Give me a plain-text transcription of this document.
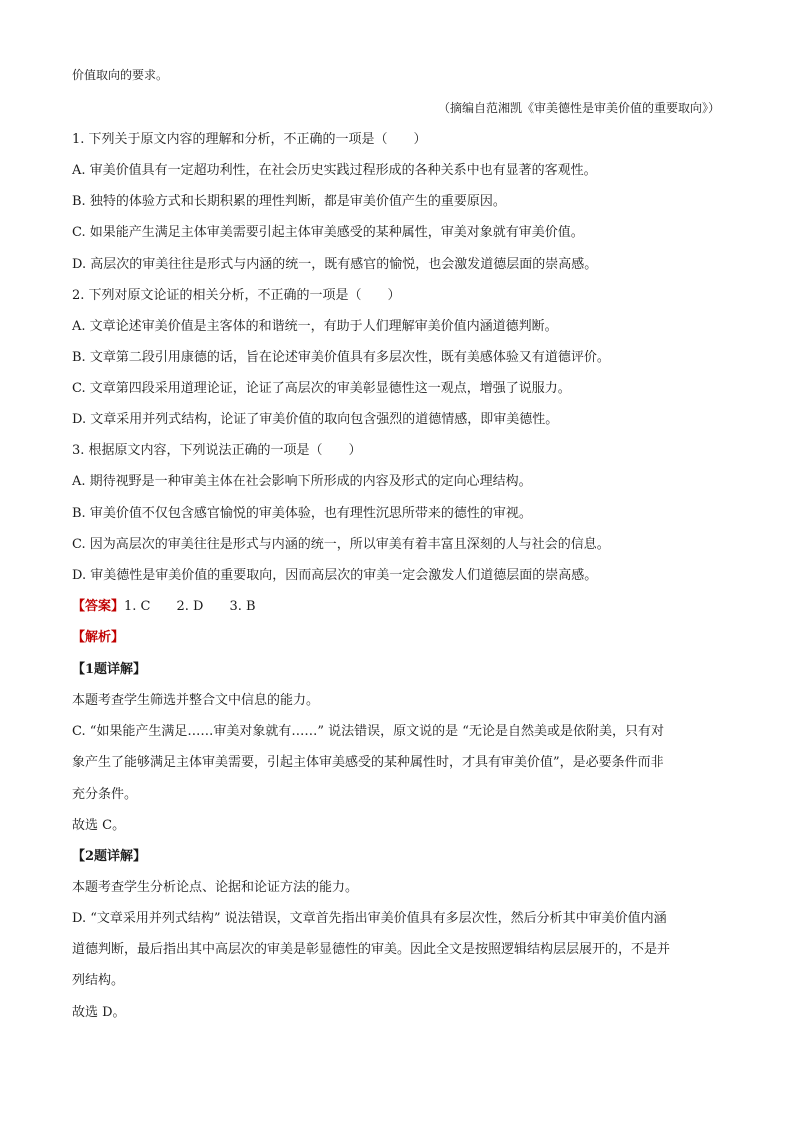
价值取向的要求。
（摘编自范湘凯《审美德性是审美价值的重要取向》）
1. 下列关于原文内容的理解和分析，不正确的一项是（　　）
A. 审美价值具有一定超功利性，在社会历史实践过程形成的各种关系中也有显著的客观性。
B. 独特的体验方式和长期积累的理性判断，都是审美价值产生的重要原因。
C. 如果能产生满足主体审美需要引起主体审美感受的某种属性，审美对象就有审美价值。
D. 高层次的审美往往是形式与内涵的统一，既有感官的愉悦，也会激发道德层面的崇高感。
2. 下列对原文论证的相关分析，不正确的一项是（　　）
A. 文章论述审美价值是主客体的和谐统一，有助于人们理解审美价值内涵道德判断。
B. 文章第二段引用康德的话，旨在论述审美价值具有多层次性，既有美感体验又有道德评价。
C. 文章第四段采用道理论证，论证了高层次的审美彰显德性这一观点，增强了说服力。
D. 文章采用并列式结构，论证了审美价值的取向包含强烈的道德情感，即审美德性。
3. 根据原文内容，下列说法正确的一项是（　　）
A. 期待视野是一种审美主体在社会影响下所形成的内容及形式的定向心理结构。
B. 审美价值不仅包含感官愉悦的审美体验，也有理性沉思所带来的德性的审视。
C. 因为高层次的审美往往是形式与内涵的统一，所以审美有着丰富且深刻的人与社会的信息。
D. 审美德性是审美价值的重要取向，因而高层次的审美一定会激发人们道德层面的崇高感。
【答案】1. C 2. D 3. B
【解析】
【1题详解】
本题考查学生筛选并整合文中信息的能力。
C. “如果能产生满足……审美对象就有……” 说法错误，原文说的是 “无论是自然美或是依附美，只有对
象产生了能够满足主体审美需要，引起主体审美感受的某种属性时，才具有审美价值”，是必要条件而非
充分条件。
故选 C。
【2题详解】
本题考查学生分析论点、论据和论证方法的能力。
D. “文章采用并列式结构” 说法错误，文章首先指出审美价值具有多层次性，然后分析其中审美价值内涵
道德判断，最后指出其中高层次的审美是彰显德性的审美。因此全文是按照逻辑结构层层展开的，不是并
列结构。
故选 D。
